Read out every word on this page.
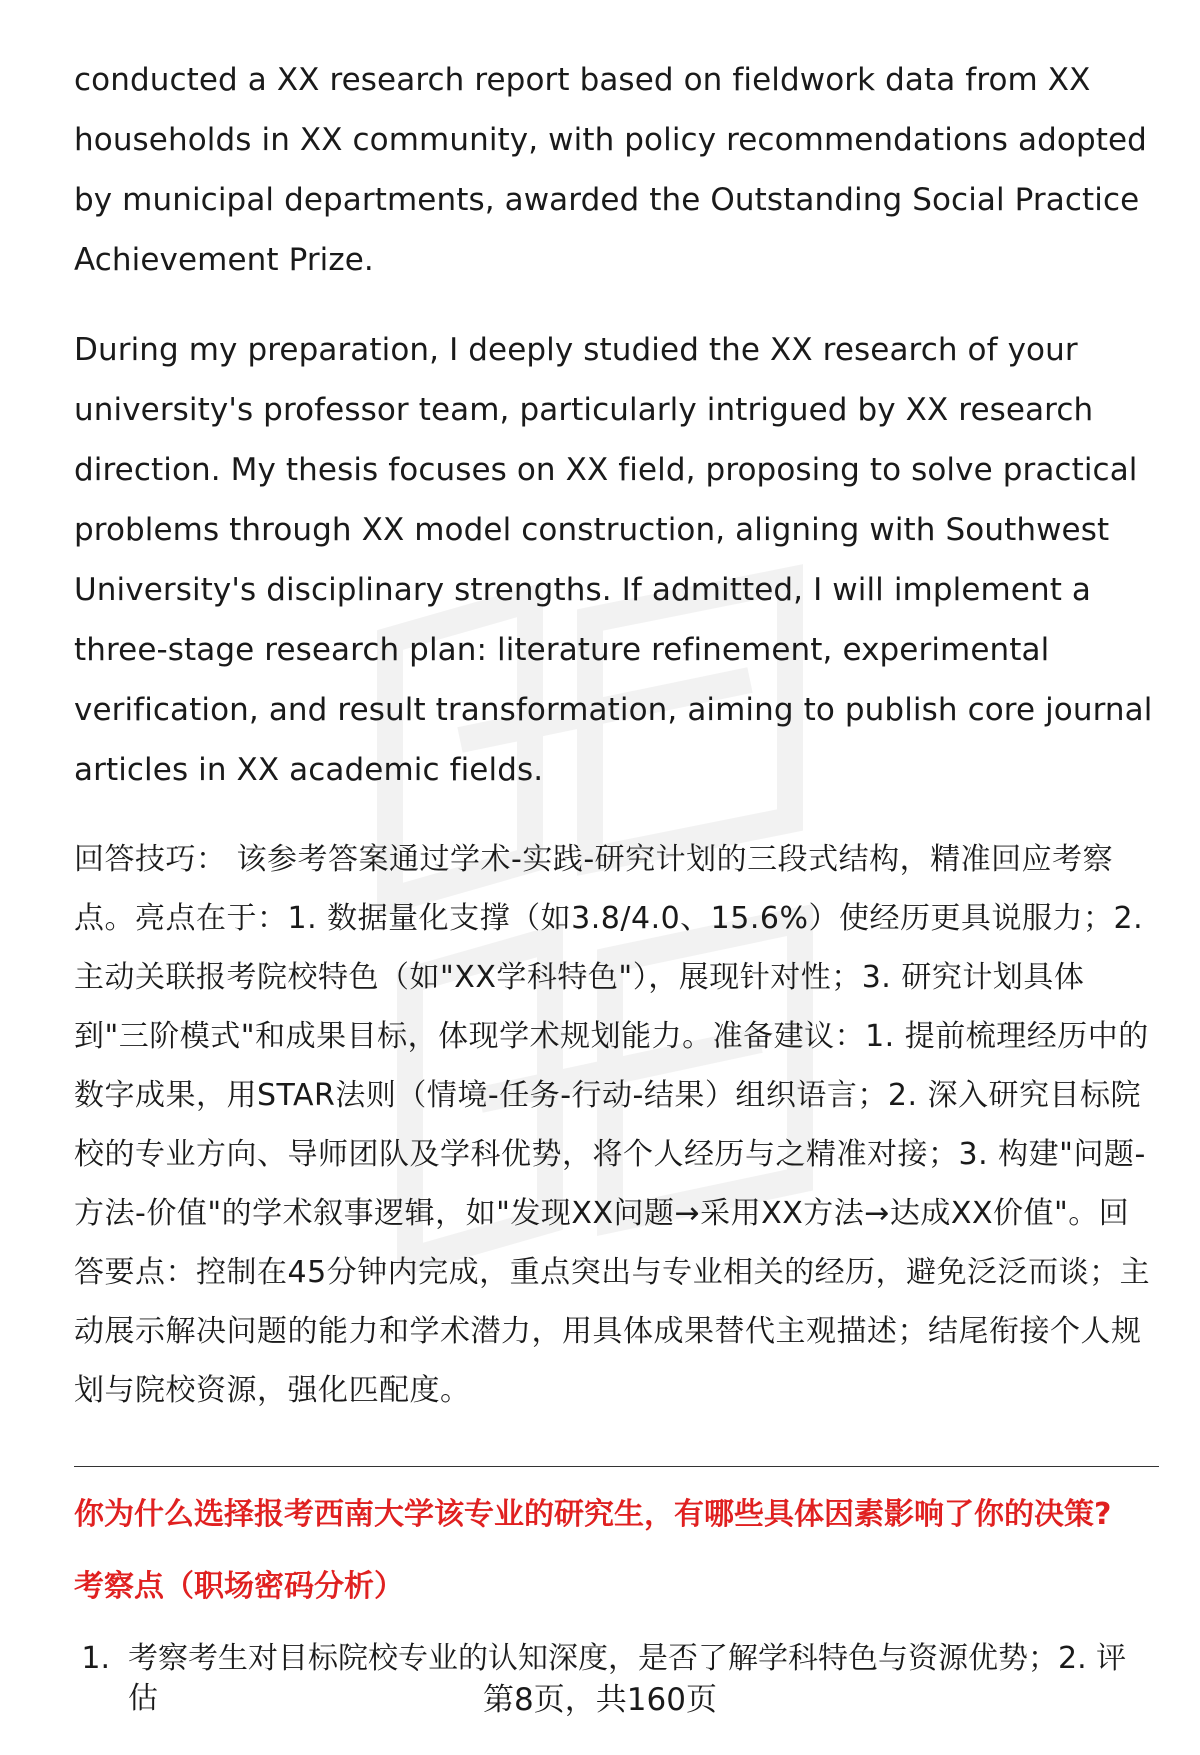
conducted a XX research report based on fieldwork data from XX households in XX community, with policy recommendations adopted by municipal departments, awarded the Outstanding Social Practice Achievement Prize.

During my preparation, I deeply studied the XX research of your university's professor team, particularly intrigued by XX research direction. My thesis focuses on XX field, proposing to solve practical problems through XX model construction, aligning with Southwest University's disciplinary strengths. If admitted, I will implement a three-stage research plan: literature refinement, experimental verification, and result transformation, aiming to publish core journal articles in XX academic fields.

回答技巧： 该参考答案通过学术-实践-研究计划的三段式结构，精准回应考察点。亮点在于：1. 数据量化支撑（如3.8/4.0、15.6%）使经历更具说服力；2. 主动关联报考院校特色（如"XX学科特色"），展现针对性；3. 研究计划具体到"三阶模式"和成果目标，体现学术规划能力。准备建议：1. 提前梳理经历中的数字成果，用STAR法则（情境-任务-行动-结果）组织语言；2. 深入研究目标院校的专业方向、导师团队及学科优势，将个人经历与之精准对接；3. 构建"问题-方法-价值"的学术叙事逻辑，如"发现XX问题→采用XX方法→达成XX价值"。回答要点：控制在45分钟内完成，重点突出与专业相关的经历，避免泛泛而谈；主动展示解决问题的能力和学术潜力，用具体成果替代主观描述；结尾衔接个人规划与院校资源，强化匹配度。

你为什么选择报考西南大学该专业的研究生，有哪些具体因素影响了你的决策?
考察点（职场密码分析）
1. 考察考生对目标院校专业的认知深度，是否了解学科特色与资源优势；2. 评估	第8页，共160页
